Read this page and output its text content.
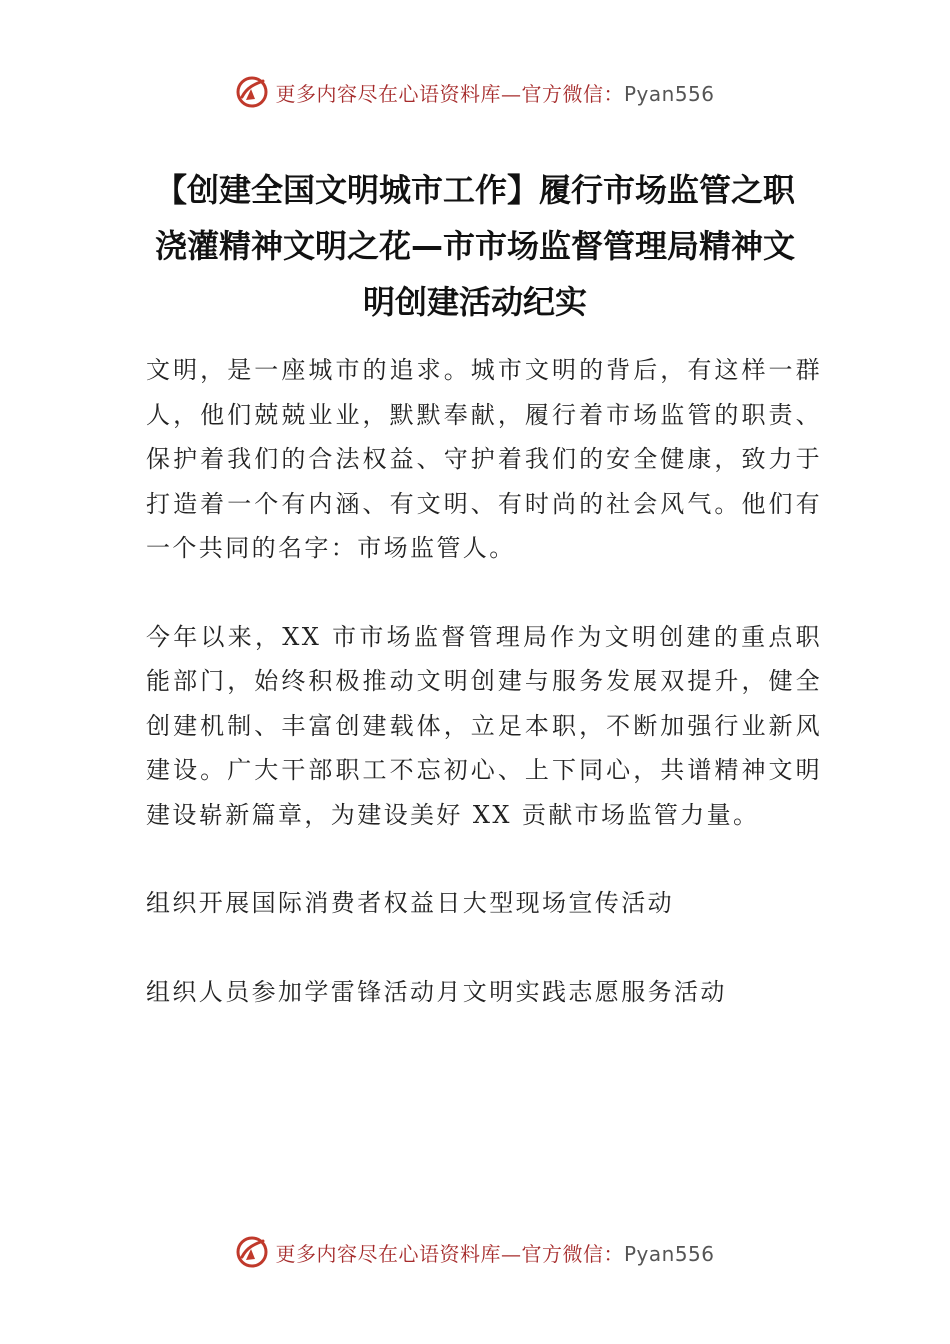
更多内容尽在心语资料库—官方微信：Pyan556
【创建全国文明城市工作】履行市场监管之职 浇灌精神文明之花—市市场监督管理局精神文明创建活动纪实

文明，是一座城市的追求。城市文明的背后，有这样一群人，他们兢兢业业，默默奉献，履行着市场监管的职责、保护着我们的合法权益、守护着我们的安全健康，致力于打造着一个有内涵、有文明、有时尚的社会风气。他们有一个共同的名字：市场监管人。

今年以来，XX 市市场监督管理局作为文明创建的重点职能部门，始终积极推动文明创建与服务发展双提升，健全创建机制、丰富创建载体，立足本职，不断加强行业新风建设。广大干部职工不忘初心、上下同心，共谱精神文明建设崭新篇章，为建设美好 XX 贡献市场监管力量。

组织开展国际消费者权益日大型现场宣传活动

组织人员参加学雷锋活动月文明实践志愿服务活动

更多内容尽在心语资料库—官方微信：Pyan556
